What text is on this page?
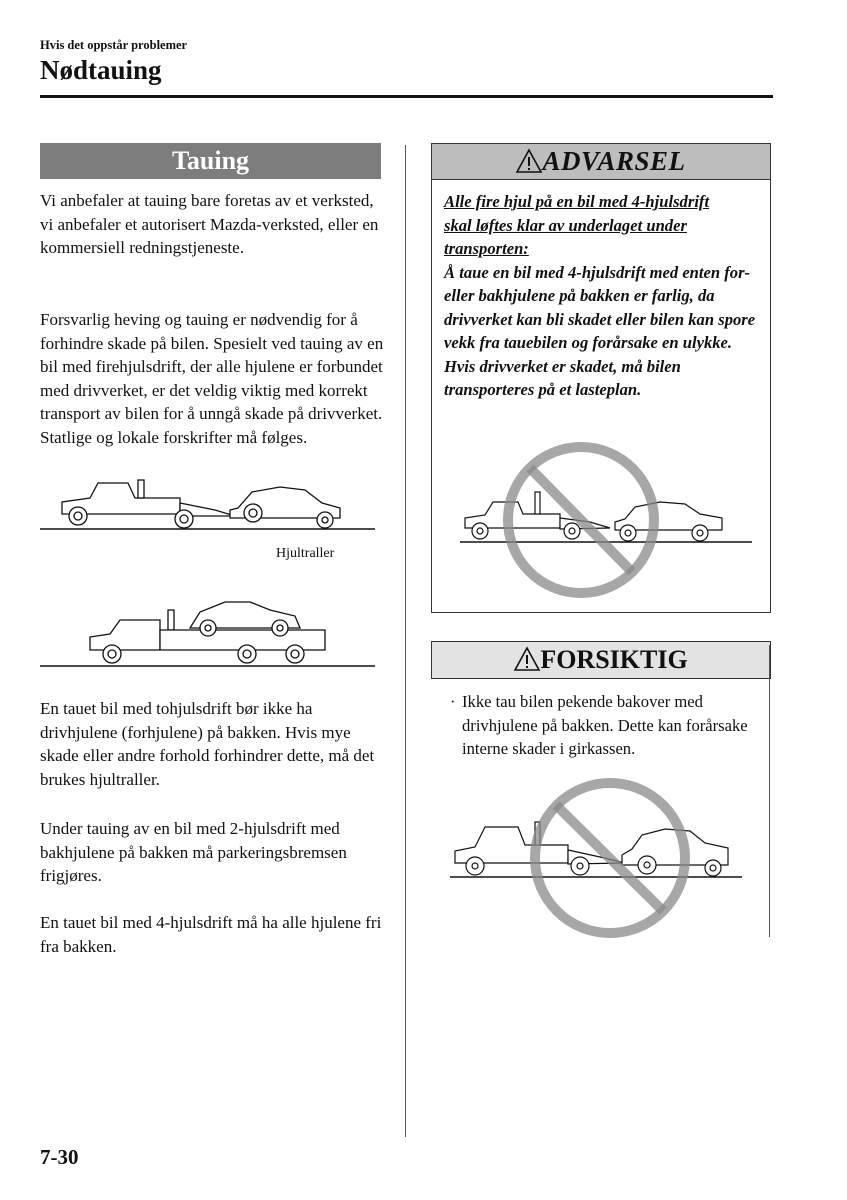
Hvis det oppstår problemer
Nødtauing
Tauing
Vi anbefaler at tauing bare foretas av et verksted, vi anbefaler et autorisert Mazda-verksted, eller en kommersiell redningstjeneste.
Forsvarlig heving og tauing er nødvendig for å forhindre skade på bilen. Spesielt ved tauing av en bil med firehjulsdrift, der alle hjulene er forbundet med drivverket, er det veldig viktig med korrekt transport av bilen for å unngå skade på drivverket. Statlige og lokale forskrifter må følges.
Hjultraller
En tauet bil med tohjulsdrift bør ikke ha drivhjulene (forhjulene) på bakken. Hvis mye skade eller andre forhold forhindrer dette, må det brukes hjultraller.
Under tauing av en bil med 2-hjulsdrift med bakhjulene på bakken må parkeringsbremsen frigjøres.
En tauet bil med 4-hjulsdrift må ha alle hjulene fri fra bakken.
ADVARSEL
Alle fire hjul på en bil med 4-hjulsdrift
skal løftes klar av underlaget under
transporten:
Å taue en bil med 4-hjulsdrift med enten for- eller bakhjulene på bakken er farlig, da drivverket kan bli skadet eller bilen kan spore vekk fra tauebilen og forårsake en ulykke. Hvis drivverket er skadet, må bilen transporteres på et lasteplan.
FORSIKTIG
· Ikke tau bilen pekende bakover med drivhjulene på bakken. Dette kan forårsake interne skader i girkassen.
7-30
